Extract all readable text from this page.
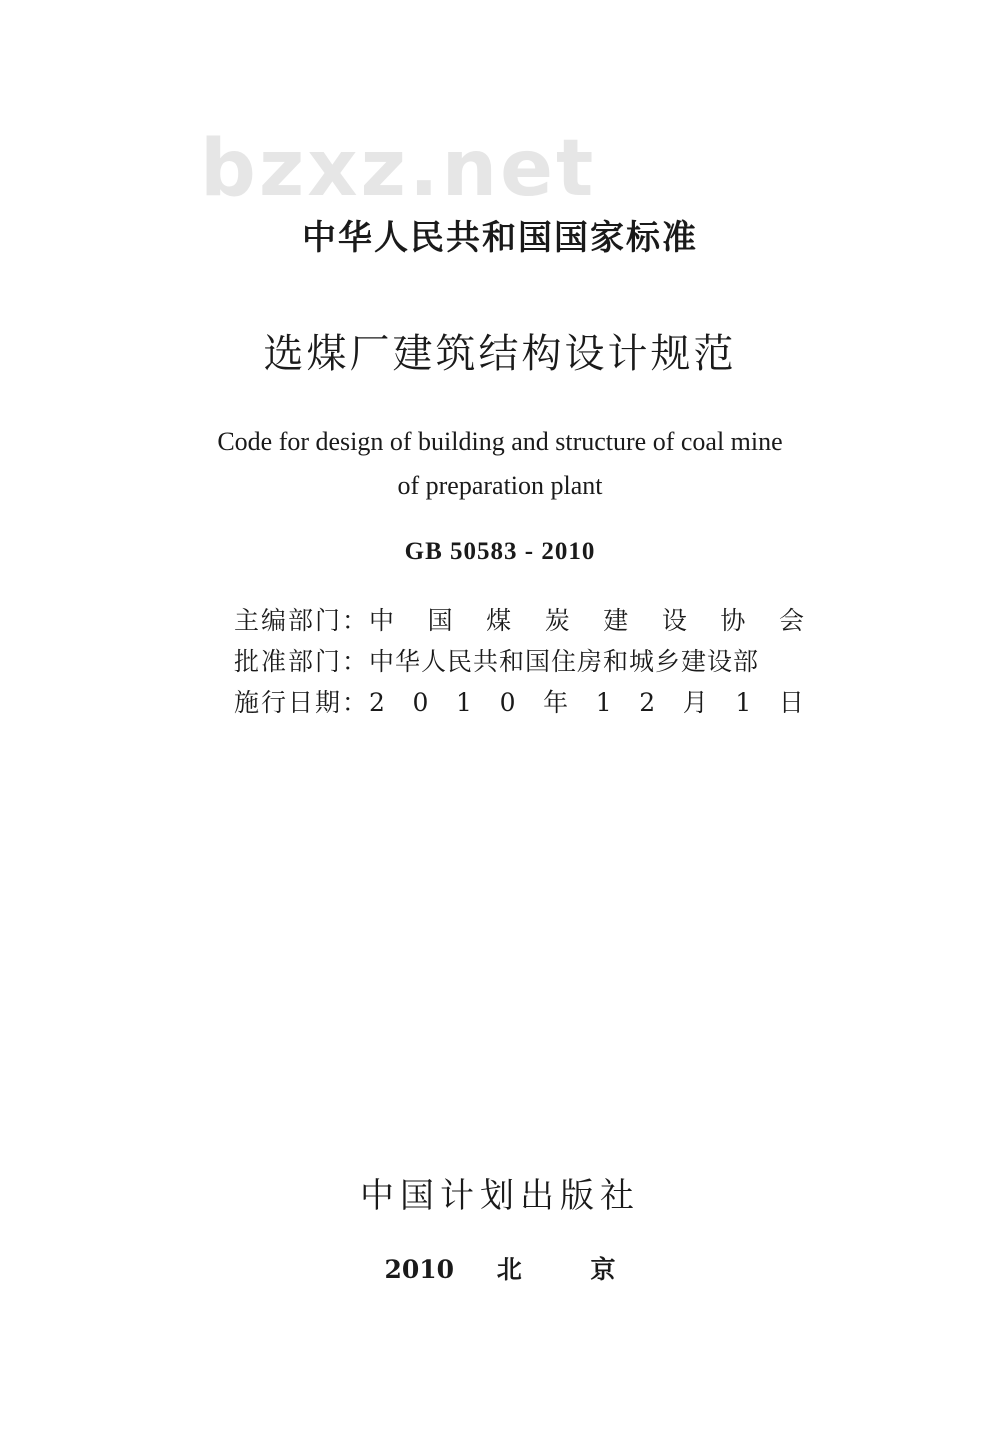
bzxz.net
中华人民共和国国家标准
选煤厂建筑结构设计规范
Code for design of building and structure of coal mine
of preparation plant
GB 50583 - 2010
主编部门： 中 国 煤 炭 建 设 协 会
批准部门： 中华人民共和国住房和城乡建设部
施行日期： 2 0 1 0 年 1 2 月 1 日
中国计划出版社
2010 北	京
